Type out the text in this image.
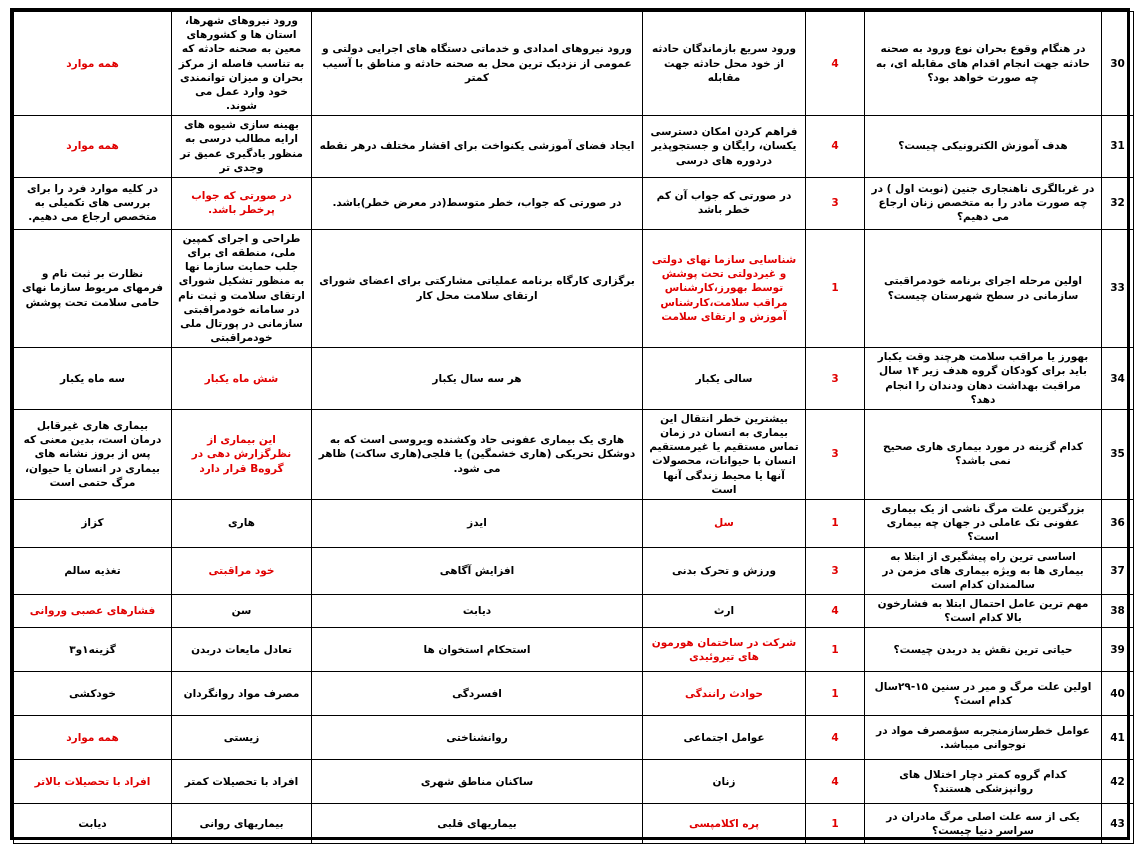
30	در هنگام وقوع بحران نوع ورود به صحنه حادثه جهت انجام اقدام های مقابله ای، به چه صورت خواهد بود؟	4	ورود سریع بازماندگان حادثه از خود محل حادثه جهت مقابله	ورود نیروهای امدادی و خدماتی دستگاه های اجرایی دولتی و عمومی از نزدیک ترین محل به صحنه حادثه و مناطق با آسیب کمتر	ورود نیروهای شهرها، استان ها و کشورهای معین به صحنه حادثه که به تناسب فاصله از مرکز بحران و میزان توانمندی خود وارد عمل می شوند.	همه موارد
31	هدف آموزش الکترونیکی چیست؟	4	فراهم کردن امکان دسترسی یکسان، رایگان و جستجوپذیر دردوره های درسی	ایجاد فضای آموزشی یکنواخت برای اقشار مختلف درهر نقطه	بهینه سازی شیوه های ارایه مطالب درسی به منظور یادگیری عمیق تر وجدی تر	همه موارد
32	در غربالگری ناهنجاری جنین (نوبت اول ) در چه صورت مادر را به متخصص زنان ارجاع می دهیم؟	3	در صورتی که جواب آن کم خطر باشد	در صورتی که جواب، خطر متوسط(در معرض خطر)باشد.	در صورتی که جواب پرخطر باشد.	در کلیه موارد فرد را برای بررسی های تکمیلی به متخصص ارجاع می دهیم.
33	اولین مرحله اجرای برنامه خودمراقبتی سازمانی در سطح شهرستان چیست؟	1	شناسایی سازما نهای دولتی و غیردولتی تحت پوشش توسط بهورز،کارشناس مراقب سلامت،کارشناس آموزش و ارتقای سلامت	برگزاری کارگاه برنامه عملیاتی مشارکتی برای اعضای شورای ارتقای سلامت محل کار	طراحی و اجرای کمپین ملی، منطقه ای برای جلب حمایت سازما نها به منظور تشکیل شورای ارتقای سلامت و ثبت نام در سامانه خودمراقبتی سازمانی در پورتال ملی خودمراقبتی	نظارت بر ثبت نام و فرمهای مربوط سازما نهای حامی سلامت تحت پوشش
34	بهورز یا مراقب سلامت هرچند وقت یکبار باید برای کودکان گروه هدف زیر ۱۴ سال مراقبت بهداشت دهان ودندان را انجام دهد؟	3	سالی یکبار	هر سه سال یکبار	شش ماه یکبار	سه ماه یکبار
35	کدام گزینه در مورد بیماری هاری صحیح نمی باشد؟	3	بیشترین خطر انتقال این بیماری به انسان در زمان تماس مستقیم یا غیرمستقیم انسان با حیوانات، محصولات آنها یا محیط زندگی آنها است	هاری یک بیماری عفونی حاد وکشنده ویروسی است که به دوشکل تحریکی (هاری خشمگین) یا فلجی(هاری ساکت) ظاهر می شود.	این بیماری از نظرگزارش دهی در گروهB قرار دارد	بیماری هاری غیرقابل درمان است، بدین معنی که پس از بروز نشانه های بیماری در انسان یا حیوان، مرگ حتمی است
36	بزرگترین علت مرگ ناشی از یک بیماری عفونی تک عاملی در جهان چه بیماری است؟	1	سل	ایدز	هاری	کزاز
37	اساسی ترین راه پیشگیری از ابتلا به بیماری ها به ویژه بیماری های مزمن در سالمندان کدام است	3	ورزش و تحرک بدنی	افزایش آگاهی	خود مراقبتی	تغذیه سالم
38	مهم ترین عامل احتمال ابتلا به فشارخون بالا کدام است؟	4	ارث	دیابت	سن	فشارهای عصبی وروانی
39	حیاتی ترین نقش ید دربدن چیست؟	1	شرکت در ساختمان هورمون های تیروئیدی	استحکام استخوان ها	تعادل مایعات دربدن	گزینه۱و۳
40	اولین علت مرگ و میر در سنین ۱۵-۲۹سال کدام است؟	1	حوادث رانندگی	افسردگی	مصرف مواد روانگردان	خودکشی
41	عوامل خطرسازمنجربه سؤمصرف مواد در نوجوانی میباشد.	4	عوامل اجتماعی	روانشناختی	زیستی	همه موارد
42	کدام گروه کمتر دچار اختلال های روانپزشکی هستند؟	4	زنان	ساکنان مناطق شهری	افراد با تحصیلات کمتر	افراد با تحصیلات بالاتر
43	یکی از سه علت اصلی مرگ مادران در سراسر دنیا چیست؟	1	پره اکلامپسی	بیماریهای قلبی	بیماریهای روانی	دیابت
